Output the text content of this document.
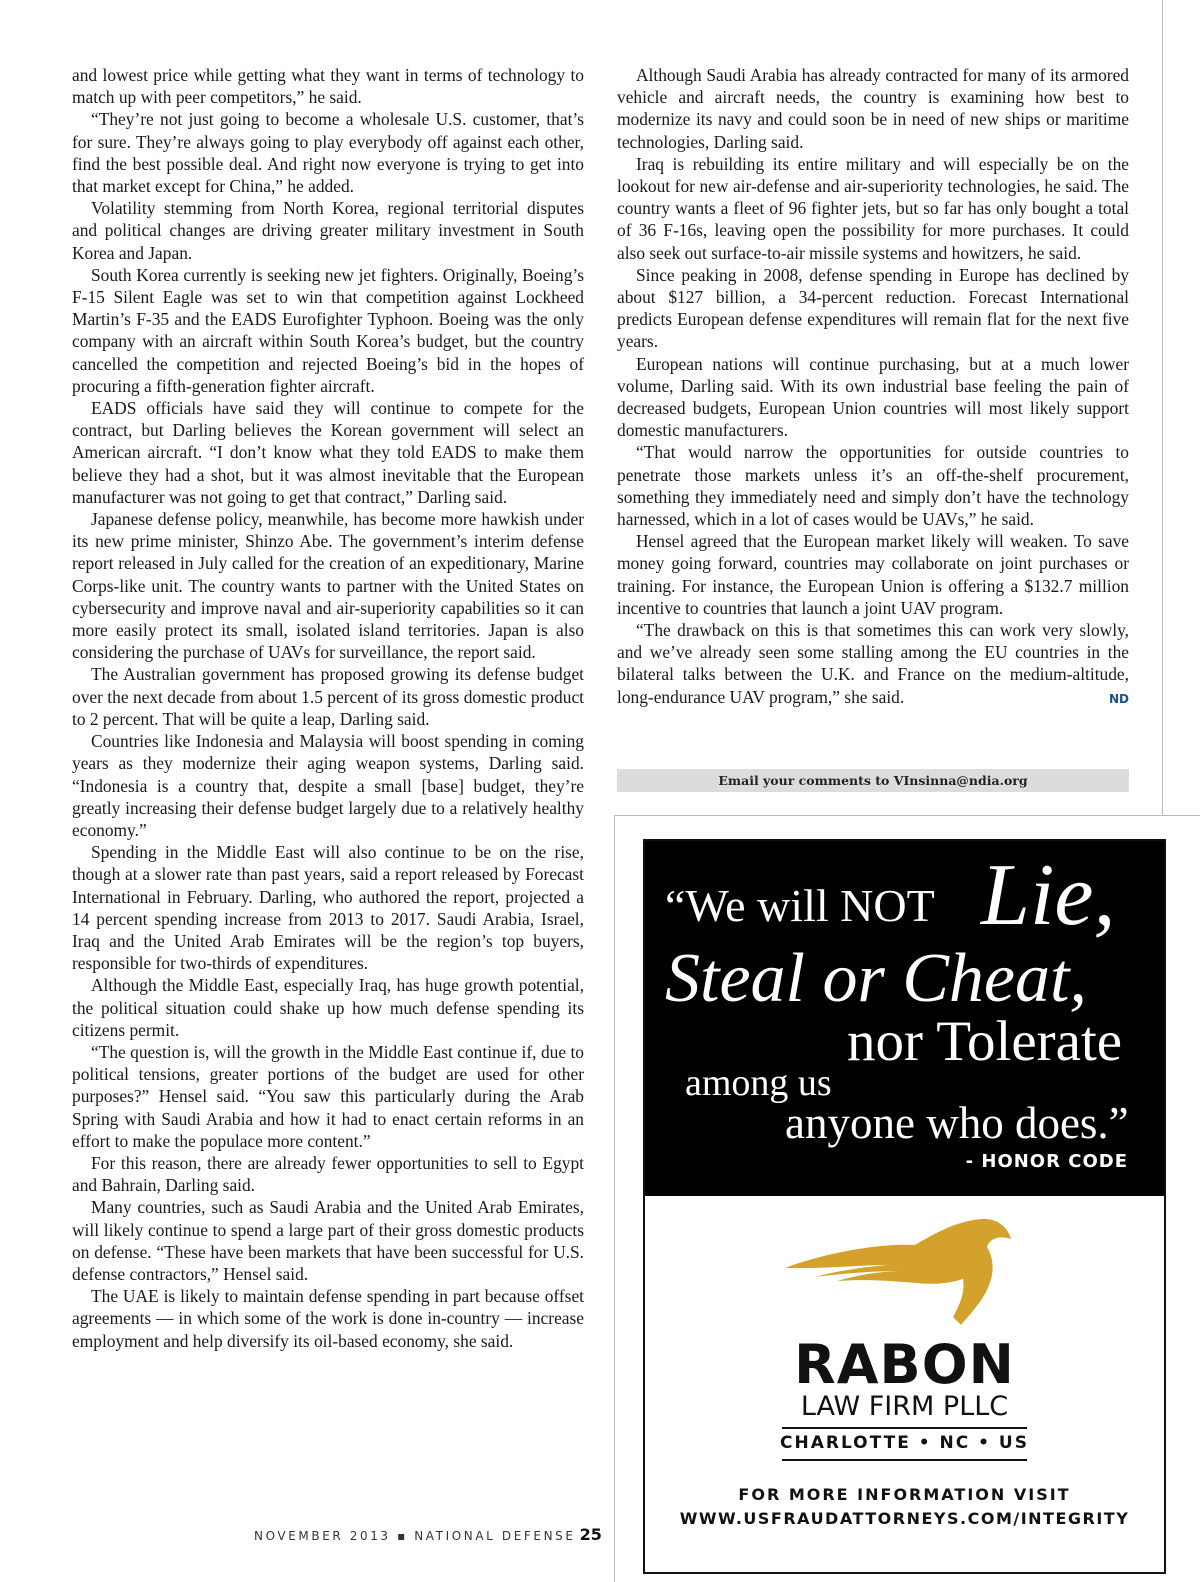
and lowest price while getting what they want in terms of technology to match up with peer competitors,” he said.

“They’re not just going to become a wholesale U.S. customer, that’s for sure. They’re always going to play everybody off against each other, find the best possible deal. And right now everyone is trying to get into that market except for China,” he added.

Volatility stemming from North Korea, regional territorial disputes and political changes are driving greater military investment in South Korea and Japan.

South Korea currently is seeking new jet fighters. Originally, Boeing’s F-15 Silent Eagle was set to win that competition against Lockheed Martin’s F-35 and the EADS Eurofighter Typhoon. Boeing was the only company with an aircraft within South Korea’s budget, but the country cancelled the competition and rejected Boeing’s bid in the hopes of procuring a fifth-generation fighter aircraft.

EADS officials have said they will continue to compete for the contract, but Darling believes the Korean government will select an American aircraft. “I don’t know what they told EADS to make them believe they had a shot, but it was almost inevitable that the European manufacturer was not going to get that contract,” Darling said.

Japanese defense policy, meanwhile, has become more hawkish under its new prime minister, Shinzo Abe. The government’s interim defense report released in July called for the creation of an expeditionary, Marine Corps-like unit. The country wants to partner with the United States on cybersecurity and improve naval and air-superiority capabilities so it can more easily protect its small, isolated island territories. Japan is also considering the purchase of UAVs for surveillance, the report said.

The Australian government has proposed growing its defense budget over the next decade from about 1.5 percent of its gross domestic product to 2 percent. That will be quite a leap, Darling said.

Countries like Indonesia and Malaysia will boost spending in coming years as they modernize their aging weapon systems, Darling said. “Indonesia is a country that, despite a small [base] budget, they’re greatly increasing their defense budget largely due to a relatively healthy economy.”

Spending in the Middle East will also continue to be on the rise, though at a slower rate than past years, said a report released by Forecast International in February. Darling, who authored the report, projected a 14 percent spending increase from 2013 to 2017. Saudi Arabia, Israel, Iraq and the United Arab Emirates will be the region’s top buyers, responsible for two-thirds of expenditures.

Although the Middle East, especially Iraq, has huge growth potential, the political situation could shake up how much defense spending its citizens permit.

“The question is, will the growth in the Middle East continue if, due to political tensions, greater portions of the budget are used for other purposes?” Hensel said. “You saw this particularly during the Arab Spring with Saudi Arabia and how it had to enact certain reforms in an effort to make the populace more content.”

For this reason, there are already fewer opportunities to sell to Egypt and Bahrain, Darling said.

Many countries, such as Saudi Arabia and the United Arab Emirates, will likely continue to spend a large part of their gross domestic products on defense. “These have been markets that have been successful for U.S. defense contractors,” Hensel said.

The UAE is likely to maintain defense spending in part because offset agreements — in which some of the work is done in-country — increase employment and help diversify its oil-based economy, she said.

Although Saudi Arabia has already contracted for many of its armored vehicle and aircraft needs, the country is examining how best to modernize its navy and could soon be in need of new ships or maritime technologies, Darling said.

Iraq is rebuilding its entire military and will especially be on the lookout for new air-defense and air-superiority technologies, he said. The country wants a fleet of 96 fighter jets, but so far has only bought a total of 36 F-16s, leaving open the possibility for more purchases. It could also seek out surface-to-air missile systems and howitzers, he said.

Since peaking in 2008, defense spending in Europe has declined by about $127 billion, a 34-percent reduction. Forecast International predicts European defense expenditures will remain flat for the next five years.

European nations will continue purchasing, but at a much lower volume, Darling said. With its own industrial base feeling the pain of decreased budgets, European Union countries will most likely support domestic manufacturers.

“That would narrow the opportunities for outside countries to penetrate those markets unless it’s an off-the-shelf procurement, something they immediately need and simply don’t have the technology harnessed, which in a lot of cases would be UAVs,” he said.

Hensel agreed that the European market likely will weaken. To save money going forward, countries may collaborate on joint purchases or training. For instance, the European Union is offering a $132.7 million incentive to countries that launch a joint UAV program.

“The drawback on this is that sometimes this can work very slowly, and we’ve already seen some stalling among the EU countries in the bilateral talks between the U.K. and France on the medium-altitude, long-endurance UAV program,” she said.	ND

Email your comments to VInsinna@ndia.org
NOVEMBER 2013 ▪ NATIONAL DEFENSE 25
“We will NOT Lie,
Steal or Cheat,
nor Tolerate
among us
anyone who does.”
- HONOR CODE
RABON
LAW FIRM PLLC
CHARLOTTE • NC • US
FOR MORE INFORMATION VISIT
WWW.USFRAUDATTORNEYS.COM/INTEGRITY
